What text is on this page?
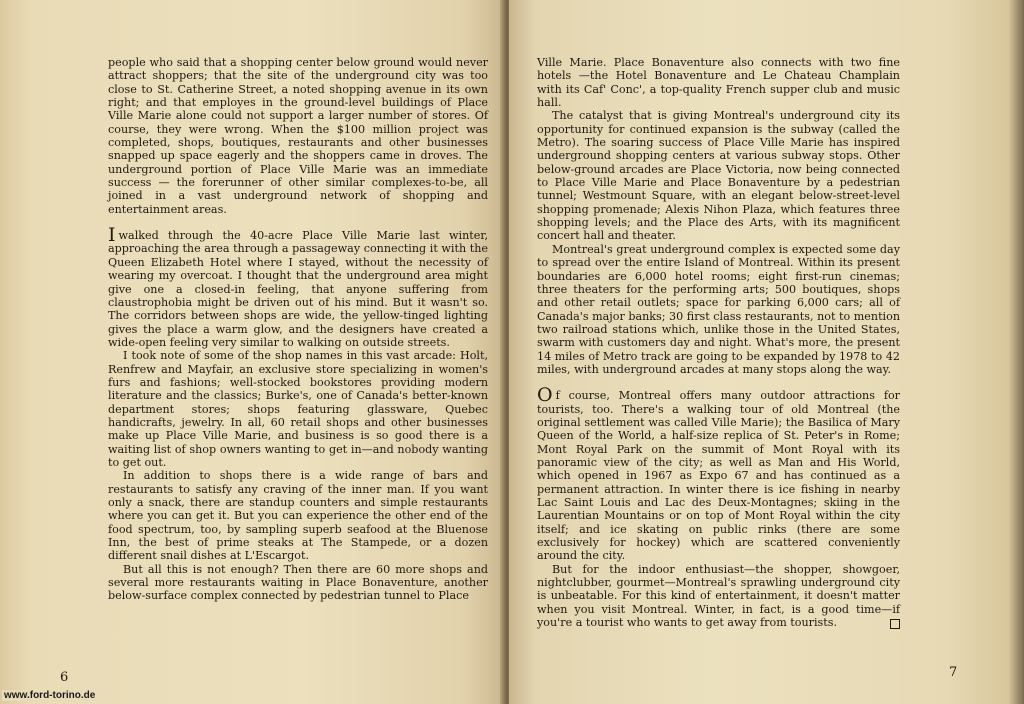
people who said that a shopping center below ground would never attract shoppers; that the site of the underground city was too close to St. Catherine Street, a noted shopping avenue in its own right; and that employes in the ground-level buildings of Place Ville Marie alone could not support a larger number of stores. Of course, they were wrong. When the $100 million project was completed, shops, boutiques, restaurants and other businesses snapped up space eagerly and the shoppers came in droves. The underground portion of Place Ville Marie was an immediate success — the forerunner of other similar complexes-to-be, all joined in a vast underground network of shopping and entertainment areas.

Iwalked through the 40-acre Place Ville Marie last winter, approaching the area through a passageway connecting it with the Queen Elizabeth Hotel where I stayed, without the necessity of wearing my overcoat. I thought that the underground area might give one a closed-in feeling, that anyone suffering from claustrophobia might be driven out of his mind. But it wasn't so. The corridors between shops are wide, the yellow-tinged lighting gives the place a warm glow, and the designers have created a wide-open feeling very similar to walking on outside streets.

I took note of some of the shop names in this vast arcade: Holt, Renfrew and Mayfair, an exclusive store specializing in women's furs and fashions; well-stocked bookstores providing modern literature and the classics; Burke's, one of Canada's better-known department stores; shops featuring glassware, Quebec handicrafts, jewelry. In all, 60 retail shops and other businesses make up Place Ville Marie, and business is so good there is a waiting list of shop owners wanting to get in—and nobody wanting to get out.

In addition to shops there is a wide range of bars and restaurants to satisfy any craving of the inner man. If you want only a snack, there are standup counters and simple restaurants where you can get it. But you can experience the other end of the food spectrum, too, by sampling superb seafood at the Bluenose Inn, the best of prime steaks at The Stampede, or a dozen different snail dishes at L'Escargot.

But all this is not enough? Then there are 60 more shops and several more restaurants waiting in Place Bonaventure, another below-surface complex connected by pedestrian tunnel to Place

6

Ville Marie. Place Bonaventure also connects with two fine hotels —the Hotel Bonaventure and Le Chateau Champlain with its Caf' Conc', a top-quality French supper club and music hall.

The catalyst that is giving Montreal's underground city its opportunity for continued expansion is the subway (called the Metro). The soaring success of Place Ville Marie has inspired underground shopping centers at various subway stops. Other below-ground arcades are Place Victoria, now being connected to Place Ville Marie and Place Bonaventure by a pedestrian tunnel; Westmount Square, with an elegant below-street-level shopping promenade; Alexis Nihon Plaza, which features three shopping levels; and the Place des Arts, with its magnificent concert hall and theater.

Montreal's great underground complex is expected some day to spread over the entire Island of Montreal. Within its present boundaries are 6,000 hotel rooms; eight first-run cinemas; three theaters for the performing arts; 500 boutiques, shops and other retail outlets; space for parking 6,000 cars; all of Canada's major banks; 30 first class restaurants, not to mention two railroad stations which, unlike those in the United States, swarm with customers day and night. What's more, the present 14 miles of Metro track are going to be expanded by 1978 to 42 miles, with underground arcades at many stops along the way.

Of course, Montreal offers many outdoor attractions for tourists, too. There's a walking tour of old Montreal (the original settlement was called Ville Marie); the Basilica of Mary Queen of the World, a half-size replica of St. Peter's in Rome; Mont Royal Park on the summit of Mont Royal with its panoramic view of the city; as well as Man and His World, which opened in 1967 as Expo 67 and has continued as a permanent attraction. In winter there is ice fishing in nearby Lac Saint Louis and Lac des Deux-Montagnes; skiing in the Laurentian Mountains or on top of Mont Royal within the city itself; and ice skating on public rinks (there are some exclusively for hockey) which are scattered conveniently around the city.

But for the indoor enthusiast—the shopper, showgoer, nightclubber, gourmet—Montreal's sprawling underground city is unbeatable. For this kind of entertainment, it doesn't matter when you visit Montreal. Winter, in fact, is a good time—if you're a tourist who wants to get away from tourists.

7
www.ford-torino.de
